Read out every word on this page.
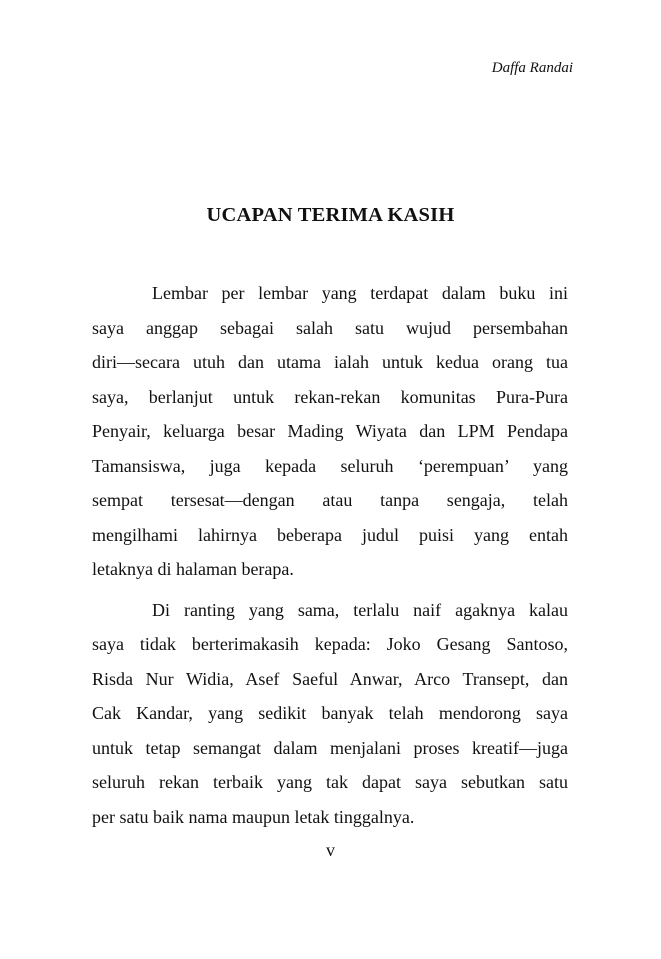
Daffa Randai
UCAPAN TERIMA KASIH

Lembar per lembar yang terdapat dalam buku ini
saya anggap sebagai salah satu wujud persembahan
diri—secara utuh dan utama ialah untuk kedua orang tua
saya, berlanjut untuk rekan-rekan komunitas Pura-Pura
Penyair, keluarga besar Mading Wiyata dan LPM Pendapa
Tamansiswa, juga kepada seluruh ‘perempuan’ yang
sempat tersesat—dengan atau tanpa sengaja, telah
mengilhami lahirnya beberapa judul puisi yang entah
letaknya di halaman berapa.

Di ranting yang sama, terlalu naif agaknya kalau
saya tidak berterimakasih kepada: Joko Gesang Santoso,
Risda Nur Widia, Asef Saeful Anwar, Arco Transept, dan
Cak Kandar, yang sedikit banyak telah mendorong saya
untuk tetap semangat dalam menjalani proses kreatif—juga
seluruh rekan terbaik yang tak dapat saya sebutkan satu
per satu baik nama maupun letak tinggalnya.

v
